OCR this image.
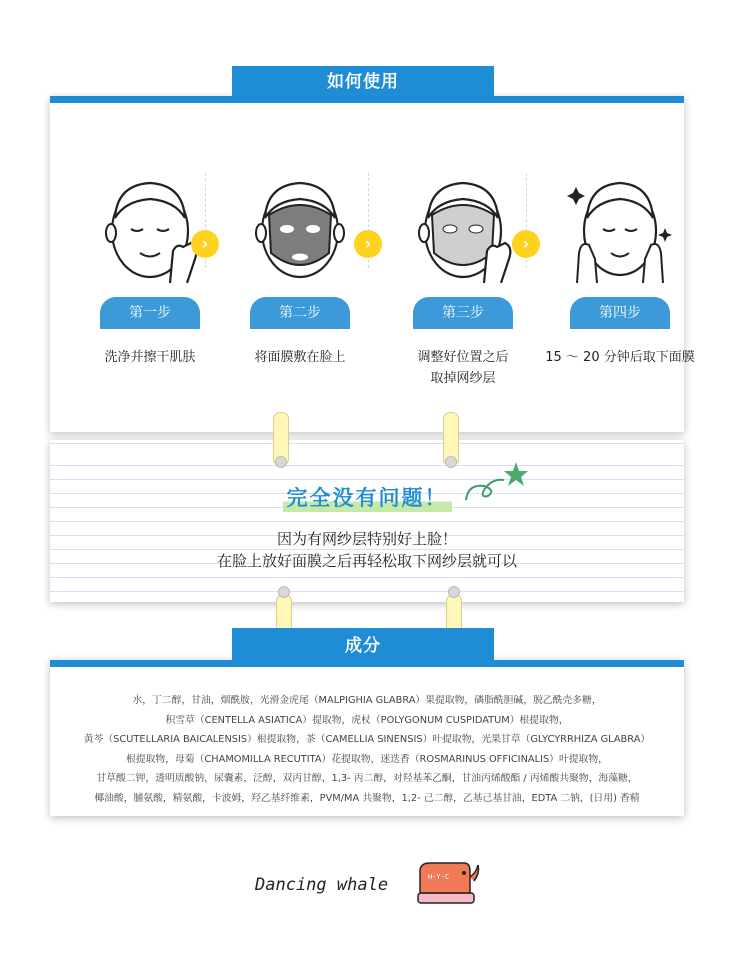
第一步
洗净并擦干肌肤
›
第二步
将面膜敷在脸上
›
第三步
调整好位置之后
取掉网纱层
›
第四步
15 ～ 20 分钟后取下面膜
如何使用
完全没有问题！
因为有网纱层特别好上脸！
在脸上放好面膜之后再轻松取下网纱层就可以
水，丁二醇，甘油，烟酰胺，光滑金虎尾（MALPIGHIA GLABRA）果提取物，磷脂酰胆碱，脱乙酰壳多糖，
积雪草（CENTELLA ASIATICA）提取物，虎杖（POLYGONUM CUSPIDATUM）根提取物，
黄芩（SCUTELLARIA BAICALENSIS）根提取物，茶（CAMELLIA SINENSIS）叶提取物，光果甘草（GLYCYRRHIZA GLABRA）
根提取物，母菊（CHAMOMILLA RECUTITA）花提取物，迷迭香（ROSMARINUS OFFICINALIS）叶提取物，
甘草酸二钾，透明质酸钠，尿囊素，泛醇，双丙甘醇，1,3- 丙二醇，对羟基苯乙酮，甘油丙烯酸酯 / 丙烯酸共聚物，海藻糖，
椰油酸，脯氨酸，精氨酸，卡波姆，羟乙基纤维素，PVM/MA 共聚物，1,2- 己二醇，乙基己基甘油，EDTA 二钠，(日用) 香精
成分
Dancing whale	H·Y·C
